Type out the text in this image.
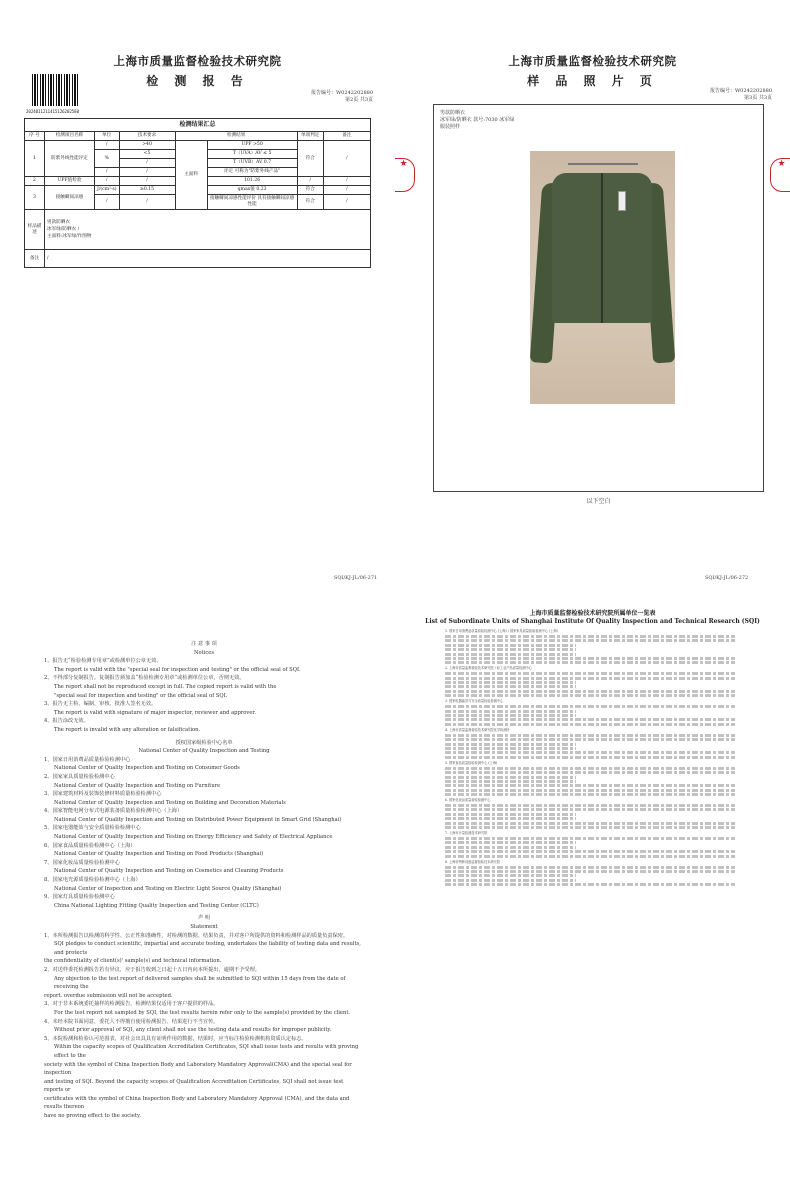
上海市质量监督检验技术研究院
检 测 报 告
2024011211415126202580
报告编号：W0242202880
第2页 共3页
检测结果汇总							
序 号	检测项目名称	单位	技术要求	检测结果		单项判定	备注
1	防紫外线性能评定	/	>40	主面料	UPF >50	符合	/
		%	<5		T（UVA）AV ≤ 5		
			/		T（UVB）AV 0.7		
		/	/		评定 可称为"防紫外线产品"		
2	UPF值检验	/	/		101.26	/	/
3	接触瞬间凉感	J/(cm²·s)	≥0.15		qmax值 0.23	符合	/
		/	/		接触瞬间凉感性能评价 具有接触瞬间凉感性能	符合	/
样品描述	男款防晒衣
冰军绿/防晒衣 /
主面料:冰军绿/作图物						

备注	/						
SQI/KJ-JL/06-271
上海市质量监督检验技术研究院
样 品 照 片 页
报告编号：W0242202880
第3页 共3页
★	★
男款防晒衣
冰军绿/防晒衣 款号:7030 冰军绿
服装照样
以下空白
SQI/KJ-JL/06-272
注 意 事 项
Notices
1、报告无“检验检测专用章”或检测单位公章无效。
The report is valid with the "special seal for inspection and testing" or the official seal of SQI.
2、不得部分复制报告。复制报告须加盖“检验检测专用章”或检测单位公章，否则无效。
The report shall not be reproduced except in full. The copied report is valid with the
"special seal for inspection and testing" or the official seal of SQI.
3、报告无主检、编制、审核、批准人签名无效。
The report is valid with signature of major inspector, reviewer and approver.
4、报告涂改无效。
The report is invalid with any alteration or falsification.
授权国家级检验中心名单
National Center of Quality Inspection and Testing
1、国家日用消费品质量检验检测中心
National Center of Quality Inspection and Testing on Consumer Goods
2、国家家具质量检验检测中心
National Center of Quality Inspection and Testing on Furniture
3、国家建筑材料及装饰装修材料质量检验检测中心
National Center of Quality Inspection and Testing on Building and Decoration Materials
4、国家智能电网分布式电源装备质量检验检测中心（上海）
National Center of Quality Inspection and Testing on Distributed Power Equipment in Smart Grid (Shanghai)
5、国家电器能效与安全质量检验检测中心
National Center of Quality Inspection and Testing on Energy Efficiency and Safety of Electrical Appliance
6、国家食品质量检验检测中心（上海）
National Center of Quality Inspection and Testing on Food Products (Shanghai)
7、国家化妆品质量检验检测中心
National Center of Quality Inspection and Testing on Cosmetics and Cleaning Products
8、国家电光源质量检验检测中心（上海）
National Center of Inspection and Testing on Electric Light Source Quality (Shanghai)
9、国家灯具质量检验检测中心
China National Lighting Fitting Quality Inspection and Testing Center (CLTC)
声 明
Statement
1、本所检测报告以检测的科学性、公正性和准确性，对检测的数据、结果负责，并对客户所提供的资料和检测样品的质量负责保密。
SQI pledges to conduct scientific, impartial and accurate testing, undertakes the liability of testing data and results, and protects
the confidentiality of client(s)' sample(s) and technical information.
2、对送样委托检测报告若有异议，应于报告收到之日起十五日内向本所提出，逾期不予受理。
Any objection to the test report of delivered samples shall be submitted to SQI within 15 days from the date of receiving the
report. overdue submission will not be accepted.
3、对于非本系统委托抽样的检测报告，检测结果仅适用于客户提供的样品。
For the test report not sampled by SQI, the test results herein refer only to the sample(s) provided by the client.
4、未经本院书面同意，委托人不得擅自使用检测报告、结果进行不当宣传。
Without prior approval of SQI, any client shall not use the testing data and results for improper publicity.
5、本院检测和检验认可范围表，对社会出具具有证明作用的数据、结果时，应当标注检验检测机构资质认定标志。
Within the capacity scopes of Qualification Accreditation Certificates, SQI shall issue tests and results with proving effect to the
society with the symbol of China Inspection Body and Laboratory Mandatory Approval(CMA) and the special seal for inspection
and testing of SQI. Beyond the capacity scopes of Qualification Accreditation Certificates, SQI shall not issue test reports or
certificates with the symbol of China Inspection Body and Laboratory Mandatory Approval (CMA), and the data and results thereon
have no proving effect to the society.
上海市质量监督检验技术研究院所属单位一览表
List of Subordinate Units of Shanghai Institute Of Quality Inspection and Technical Research (SQI)
1. 国家日用消费品质量检验检测中心 (上海) / 国家家具质量检验检测中心 (上海)
2. 上海市质量监督检验技术研究院 / 轻工业产品质量检测中心
3. 国家电器能效与安全质量检验检测中心
4. 上海市质量监督检验技术研究院化学检测所
5. 国家食品质量检验检测中心 (上海)
6. 国家化妆品质量检验检测中心
7. 上海市计量检测技术研究院
8. 上海市特种设备监督检验技术研究院
